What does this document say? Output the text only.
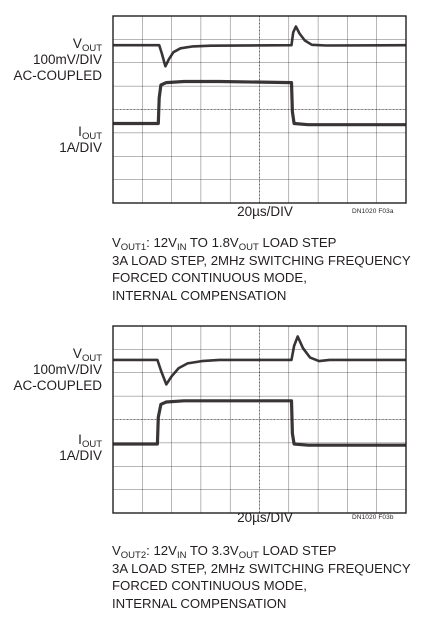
$V_{OUT}$
100mV/DIV
AC-COUPLED
$I_{OUT}$
1A/DIV
20µs/DIV	DN1020 F03a
$V_{OUT1}$: $12V_{IN}$ TO $1.8V_{OUT}$ LOAD STEP
3A LOAD STEP, 2MHz SWITCHING FREQUENCY
FORCED CONTINUOUS MODE,
INTERNAL COMPENSATION
$V_{OUT}$
100mV/DIV
AC-COUPLED
$I_{OUT}$
1A/DIV
20µs/DIV	DN1020 F03b
$V_{OUT2}$: $12V_{IN}$ TO $3.3V_{OUT}$ LOAD STEP
3A LOAD STEP, 2MHz SWITCHING FREQUENCY
FORCED CONTINUOUS MODE,
INTERNAL COMPENSATION
